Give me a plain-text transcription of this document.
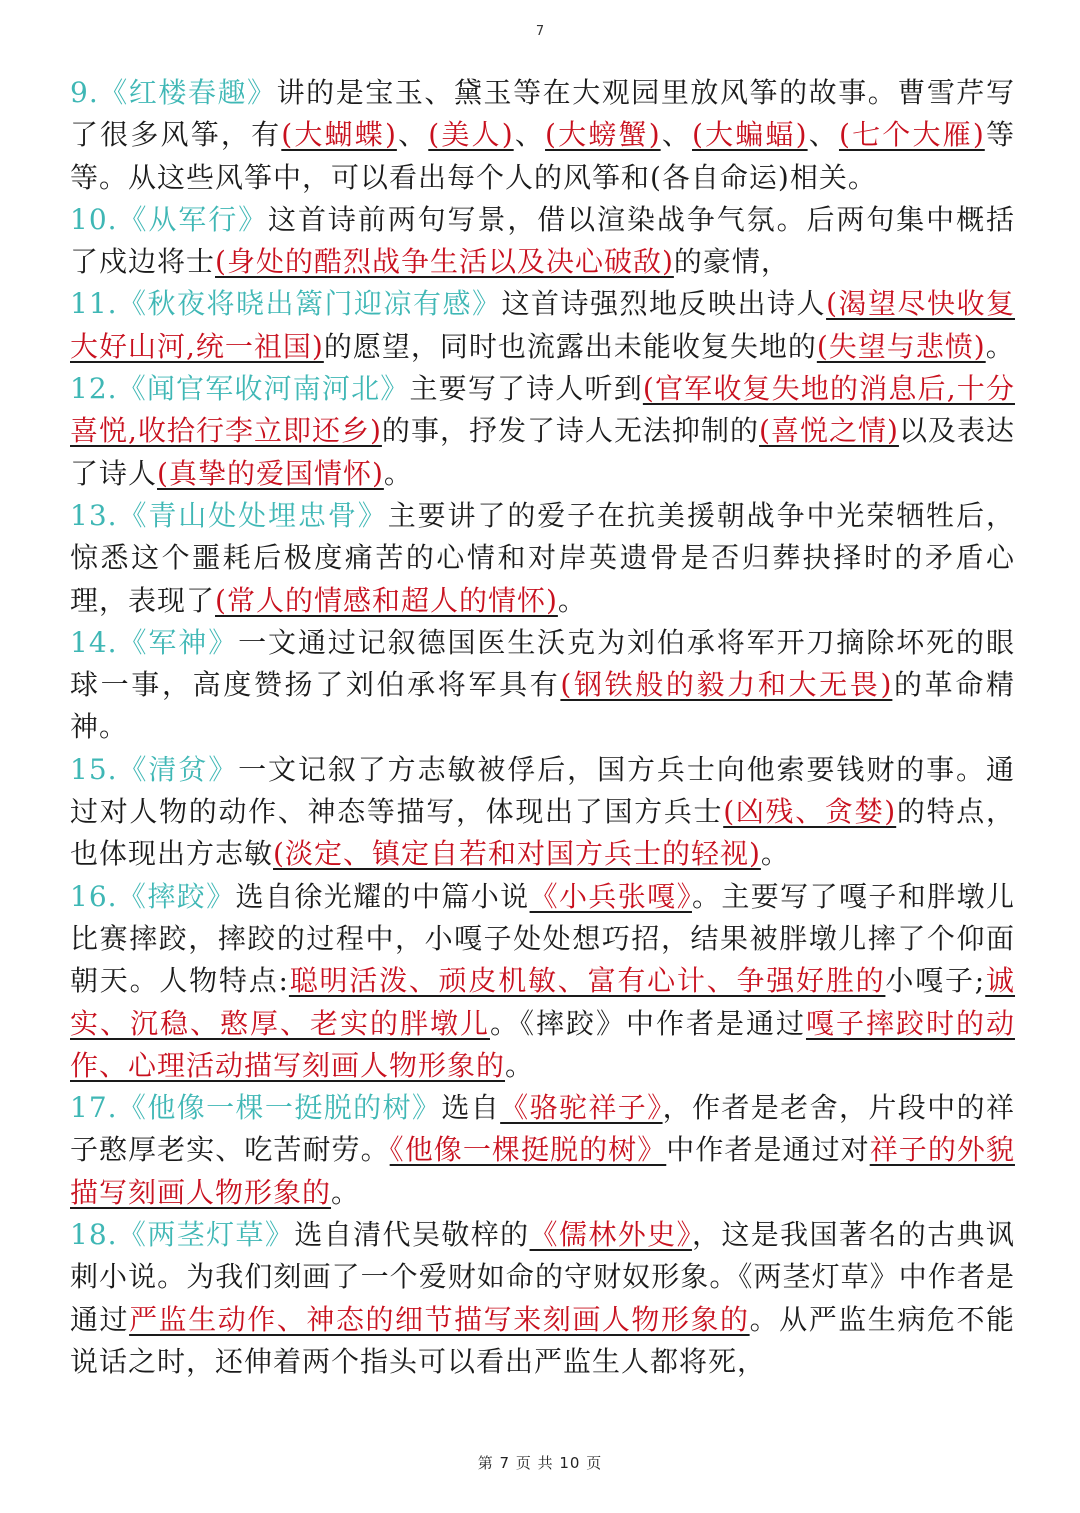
7

9.《红楼春趣》讲的是宝玉、黛玉等在大观园里放风筝的故事。曹雪芹写了很多风筝，有(大蝴蝶)、(美人)、(大螃蟹)、(大蝙蝠)、(七个大雁)等等。从这些风筝中，可以看出每个人的风筝和(各自命运)相关。

10.《从军行》这首诗前两句写景，借以渲染战争气氛。后两句集中概括了戍边将士(身处的酷烈战争生活以及决心破敌)的豪情，

11.《秋夜将晓出篱门迎凉有感》这首诗强烈地反映出诗人(渴望尽快收复大好山河,统一祖国)的愿望，同时也流露出未能收复失地的(失望与悲愤)。

12.《闻官军收河南河北》主要写了诗人听到(官军收复失地的消息后,十分喜悦,收拾行李立即还乡)的事，抒发了诗人无法抑制的(喜悦之情)以及表达了诗人(真挚的爱国情怀)。

13.《青山处处埋忠骨》主要讲了的爱子在抗美援朝战争中光荣牺牲后，惊悉这个噩耗后极度痛苦的心情和对岸英遗骨是否归葬抉择时的矛盾心理，表现了(常人的情感和超人的情怀)。

14.《军神》一文通过记叙德国医生沃克为刘伯承将军开刀摘除坏死的眼球一事，高度赞扬了刘伯承将军具有(钢铁般的毅力和大无畏)的革命精神。

15.《清贫》一文记叙了方志敏被俘后，国方兵士向他索要钱财的事。通过对人物的动作、神态等描写，体现出了国方兵士(凶残、贪婪)的特点，也体现出方志敏(淡定、镇定自若和对国方兵士的轻视)。

16.《摔跤》选自徐光耀的中篇小说《小兵张嘎》。主要写了嘎子和胖墩儿比赛摔跤，摔跤的过程中，小嘎子处处想巧招，结果被胖墩儿摔了个仰面朝天。人物特点:聪明活泼、顽皮机敏、富有心计、争强好胜的小嘎子;诚实、沉稳、憨厚、老实的胖墩儿。《摔跤》中作者是通过嘎子摔跤时的动作、心理活动描写刻画人物形象的。

17.《他像一棵一挺脱的树》选自《骆驼祥子》，作者是老舍，片段中的祥子憨厚老实、吃苦耐劳。《他像一棵挺脱的树》中作者是通过对祥子的外貌描写刻画人物形象的。

18.《两茎灯草》选自清代吴敬梓的《儒林外史》，这是我国著名的古典讽刺小说。为我们刻画了一个爱财如命的守财奴形象。《两茎灯草》中作者是通过严监生动作、神态的细节描写来刻画人物形象的。从严监生病危不能说话之时，还伸着两个指头可以看出严监生人都将死，

第 7 页 共 10 页
